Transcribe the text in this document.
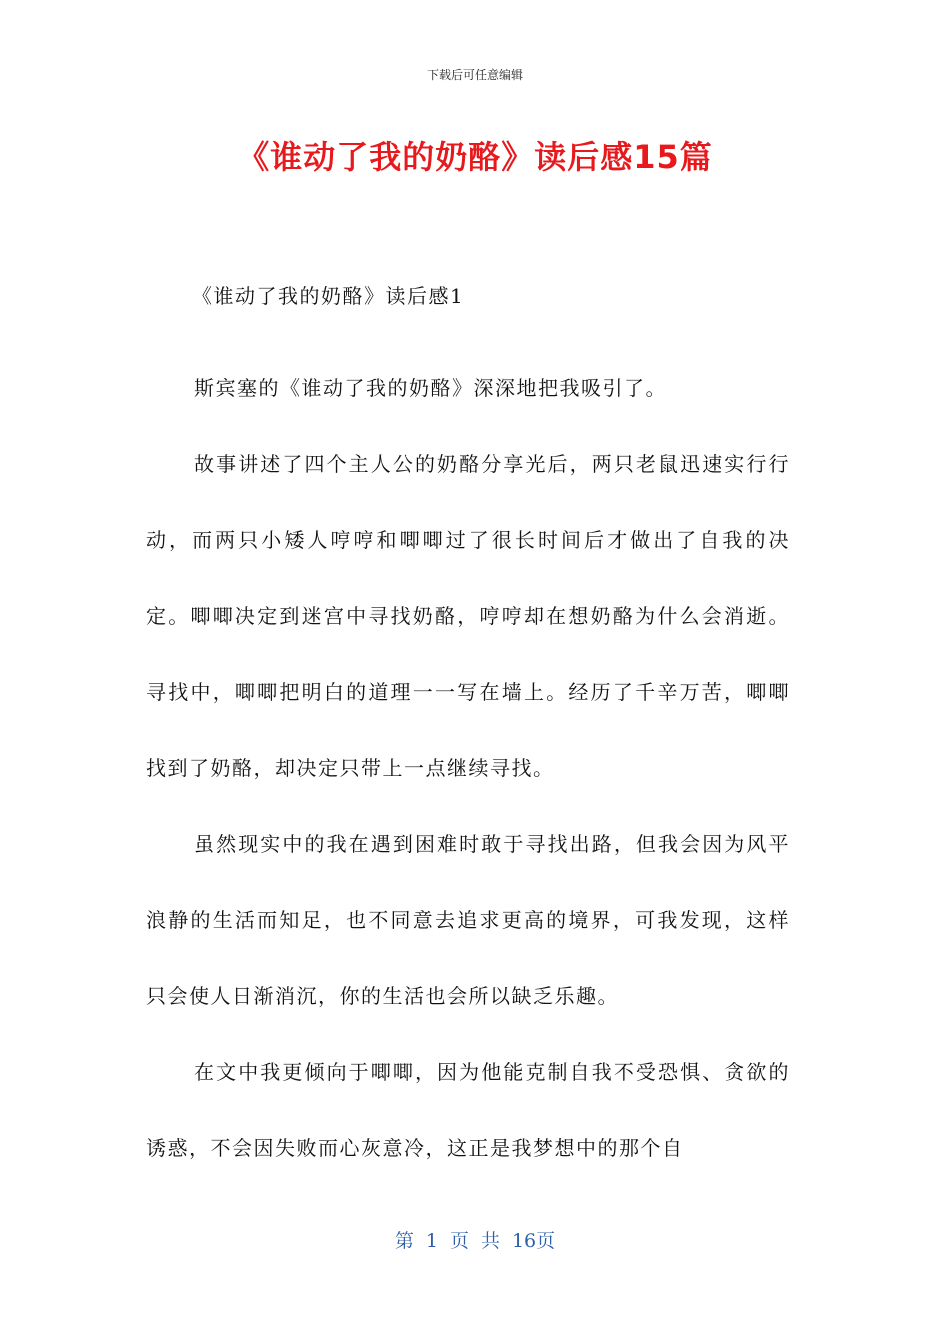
下载后可任意编辑
《谁动了我的奶酪》读后感15篇
《谁动了我的奶酪》读后感1

斯宾塞的《谁动了我的奶酪》深深地把我吸引了。

故事讲述了四个主人公的奶酪分享光后，两只老鼠迅速实行行动，而两只小矮人哼哼和唧唧过了很长时间后才做出了自我的决定。唧唧决定到迷宫中寻找奶酪，哼哼却在想奶酪为什么会消逝。寻找中，唧唧把明白的道理一一写在墙上。经历了千辛万苦，唧唧找到了奶酪，却决定只带上一点继续寻找。

虽然现实中的我在遇到困难时敢于寻找出路，但我会因为风平浪静的生活而知足，也不同意去追求更高的境界，可我发现，这样只会使人日渐消沉，你的生活也会所以缺乏乐趣。

在文中我更倾向于唧唧，因为他能克制自我不受恐惧、贪欲的诱惑，不会因失败而心灰意冷，这正是我梦想中的那个自

第 1 页 共 16页
